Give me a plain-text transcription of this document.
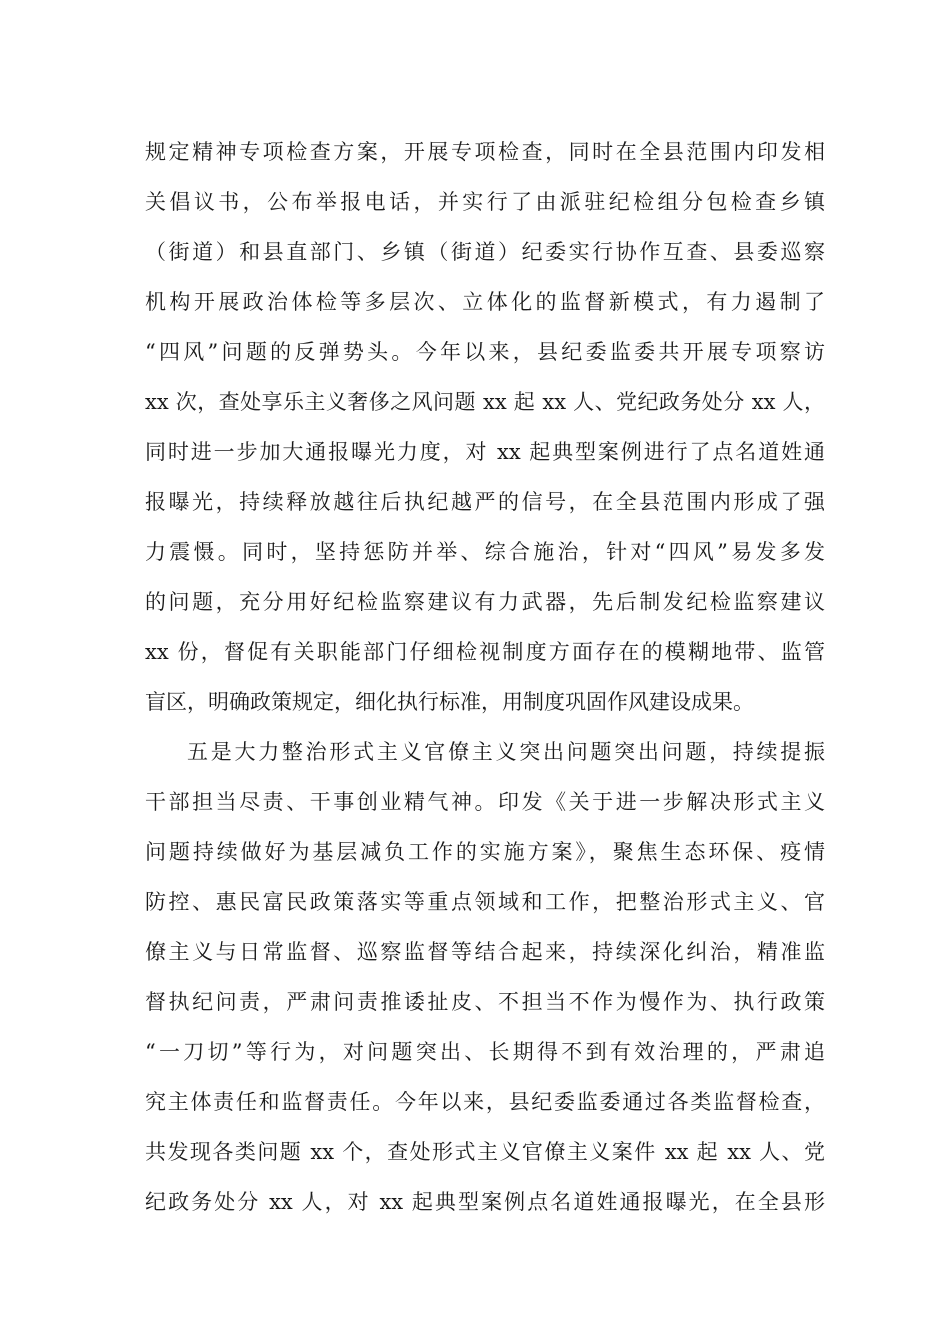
规定精神专项检查方案，开展专项检查，同时在全县范围内印发相
关倡议书，公布举报电话，并实行了由派驻纪检组分包检查乡镇
（街道）和县直部门、乡镇（街道）纪委实行协作互查、县委巡察
机构开展政治体检等多层次、立体化的监督新模式，有力遏制了
“四风”问题的反弹势头。今年以来，县纪委监委共开展专项察访
xx 次，查处享乐主义奢侈之风问题 xx 起 xx 人、党纪政务处分 xx 人，
同时进一步加大通报曝光力度，对 xx 起典型案例进行了点名道姓通
报曝光，持续释放越往后执纪越严的信号，在全县范围内形成了强
力震慑。同时，坚持惩防并举、综合施治，针对“四风”易发多发
的问题，充分用好纪检监察建议有力武器，先后制发纪检监察建议
xx 份，督促有关职能部门仔细检视制度方面存在的模糊地带、监管
盲区，明确政策规定，细化执行标准，用制度巩固作风建设成果。
五是大力整治形式主义官僚主义突出问题突出问题，持续提振
干部担当尽责、干事创业精气神。印发《关于进一步解决形式主义
问题持续做好为基层减负工作的实施方案》，聚焦生态环保、疫情
防控、惠民富民政策落实等重点领域和工作，把整治形式主义、官
僚主义与日常监督、巡察监督等结合起来，持续深化纠治，精准监
督执纪问责，严肃问责推诿扯皮、不担当不作为慢作为、执行政策
“一刀切”等行为，对问题突出、长期得不到有效治理的，严肃追
究主体责任和监督责任。今年以来，县纪委监委通过各类监督检查，
共发现各类问题 xx 个，查处形式主义官僚主义案件 xx 起 xx 人、党
纪政务处分 xx 人，对 xx 起典型案例点名道姓通报曝光，在全县形
